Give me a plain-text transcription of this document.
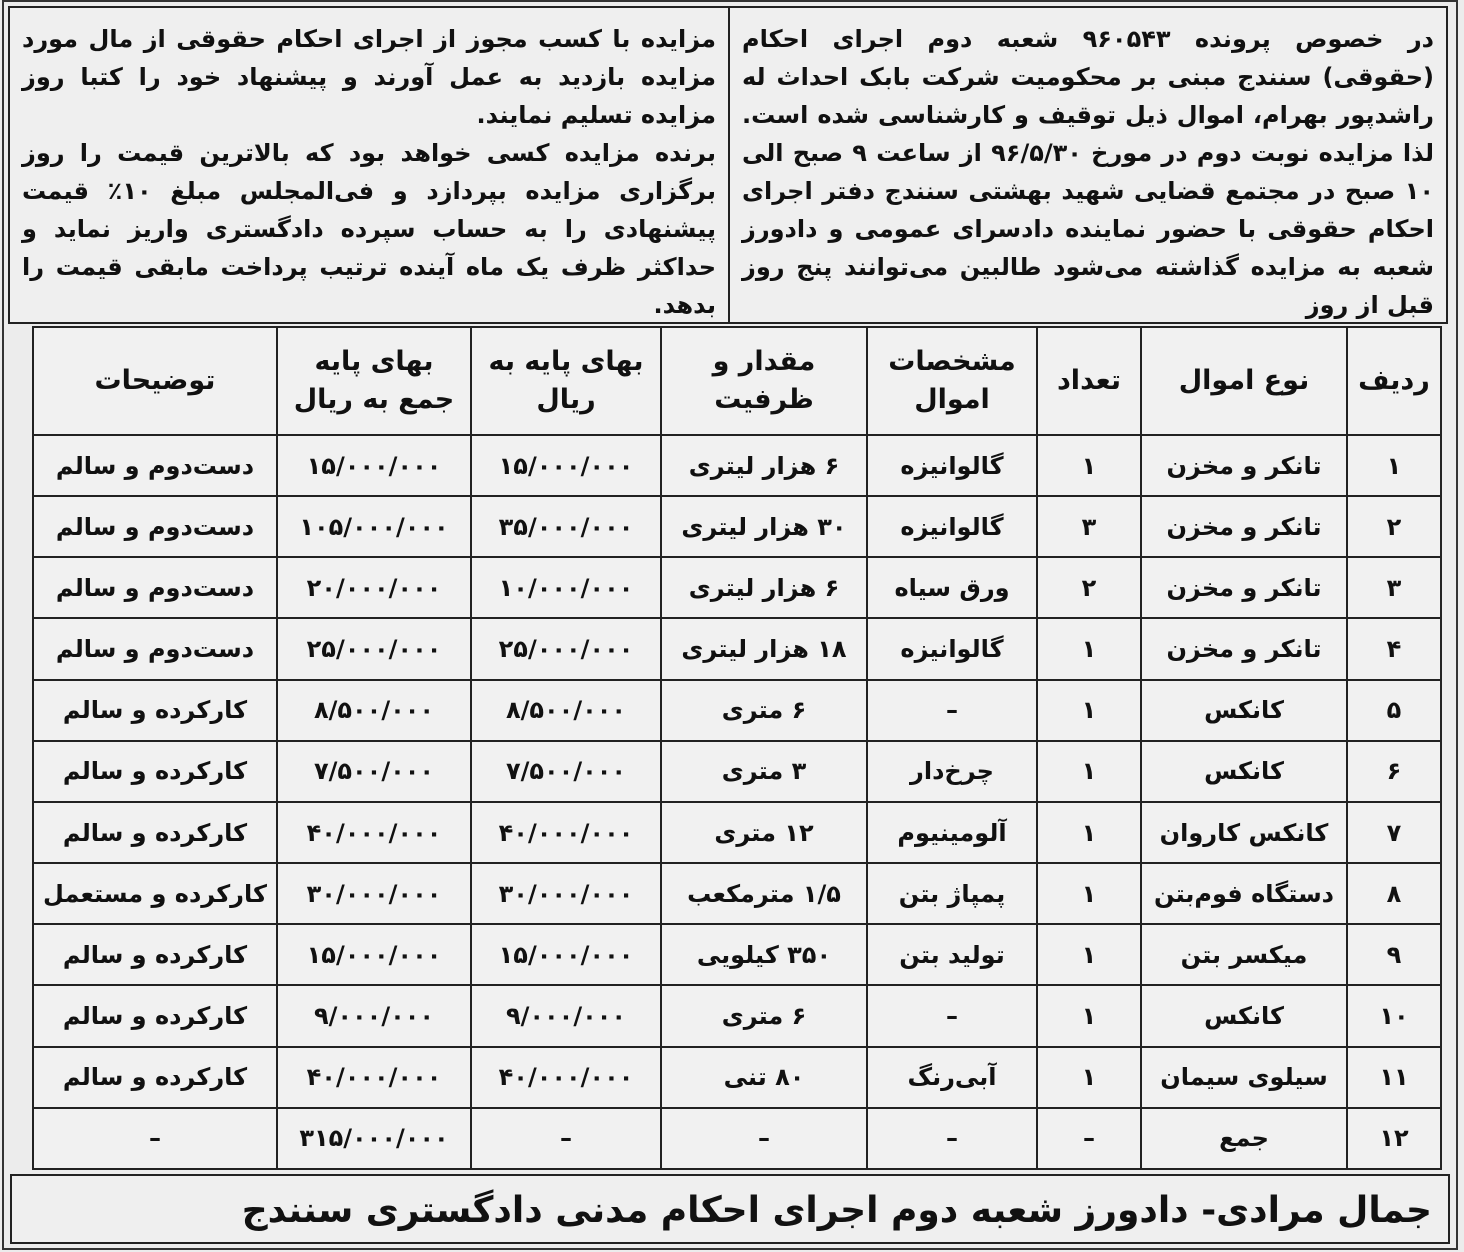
در خصوص پرونده ۹۶۰۵۴۳ شعبه دوم اجرای احکام (حقوقی) سنندج مبنی بر محکومیت شرکت بابک احداث له راشدپور بهرام، اموال ذیل توقیف و کارشناسی شده است. لذا مزایده نوبت دوم در مورخ ۹۶/۵/۳۰ از ساعت ۹ صبح الی ۱۰ صبح در مجتمع قضایی شهید بهشتی سنندج دفتر اجرای احکام حقوقی با حضور نماینده دادسرای عمومی و دادورز شعبه به مزایده گذاشته می‌شود طالبین می‌توانند پنج روز قبل از روز

مزایده با کسب مجوز از اجرای احکام حقوقی از مال مورد مزایده بازدید به عمل آورند و پیشنهاد خود را کتبا روز مزایده تسلیم نمایند.

برنده مزایده کسی خواهد بود که بالاترین قیمت را روز برگزاری مزایده بپردازد و فی‌المجلس مبلغ ۱۰٪ قیمت پیشنهادی را به حساب سپرده دادگستری واریز نماید و حداکثر ظرف یک ماه آینده ترتیب پرداخت مابقی قیمت را بدهد.

ردیف	نوع اموال	تعداد	مشخصات اموال	مقدار و ظرفیت	بهای پایه به ریال	بهای پایه جمع به ریال	توضیحات
۱	تانکر و مخزن	۱	گالوانیزه	۶ هزار لیتری	۱۵/۰۰۰/۰۰۰	۱۵/۰۰۰/۰۰۰	دست‌دوم و سالم
۲	تانکر و مخزن	۳	گالوانیزه	۳۰ هزار لیتری	۳۵/۰۰۰/۰۰۰	۱۰۵/۰۰۰/۰۰۰	دست‌دوم و سالم
۳	تانکر و مخزن	۲	ورق سیاه	۶ هزار لیتری	۱۰/۰۰۰/۰۰۰	۲۰/۰۰۰/۰۰۰	دست‌دوم و سالم
۴	تانکر و مخزن	۱	گالوانیزه	۱۸ هزار لیتری	۲۵/۰۰۰/۰۰۰	۲۵/۰۰۰/۰۰۰	دست‌دوم و سالم
۵	کانکس	۱	–	۶ متری	۸/۵۰۰/۰۰۰	۸/۵۰۰/۰۰۰	کارکرده و سالم
۶	کانکس	۱	چرخ‌دار	۳ متری	۷/۵۰۰/۰۰۰	۷/۵۰۰/۰۰۰	کارکرده و سالم
۷	کانکس کاروان	۱	آلومینیوم	۱۲ متری	۴۰/۰۰۰/۰۰۰	۴۰/۰۰۰/۰۰۰	کارکرده و سالم
۸	دستگاه فوم‌بتن	۱	پمپاژ بتن	۱/۵ مترمکعب	۳۰/۰۰۰/۰۰۰	۳۰/۰۰۰/۰۰۰	کارکرده و مستعمل
۹	میکسر بتن	۱	تولید بتن	۳۵۰ کیلویی	۱۵/۰۰۰/۰۰۰	۱۵/۰۰۰/۰۰۰	کارکرده و سالم
۱۰	کانکس	۱	–	۶ متری	۹/۰۰۰/۰۰۰	۹/۰۰۰/۰۰۰	کارکرده و سالم
۱۱	سیلوی سیمان	۱	آبی‌رنگ	۸۰ تنی	۴۰/۰۰۰/۰۰۰	۴۰/۰۰۰/۰۰۰	کارکرده و سالم
۱۲	جمع	–	–	–	–	۳۱۵/۰۰۰/۰۰۰	–
جمال مرادی- دادورز شعبه دوم اجرای احکام مدنی دادگستری سنندج
